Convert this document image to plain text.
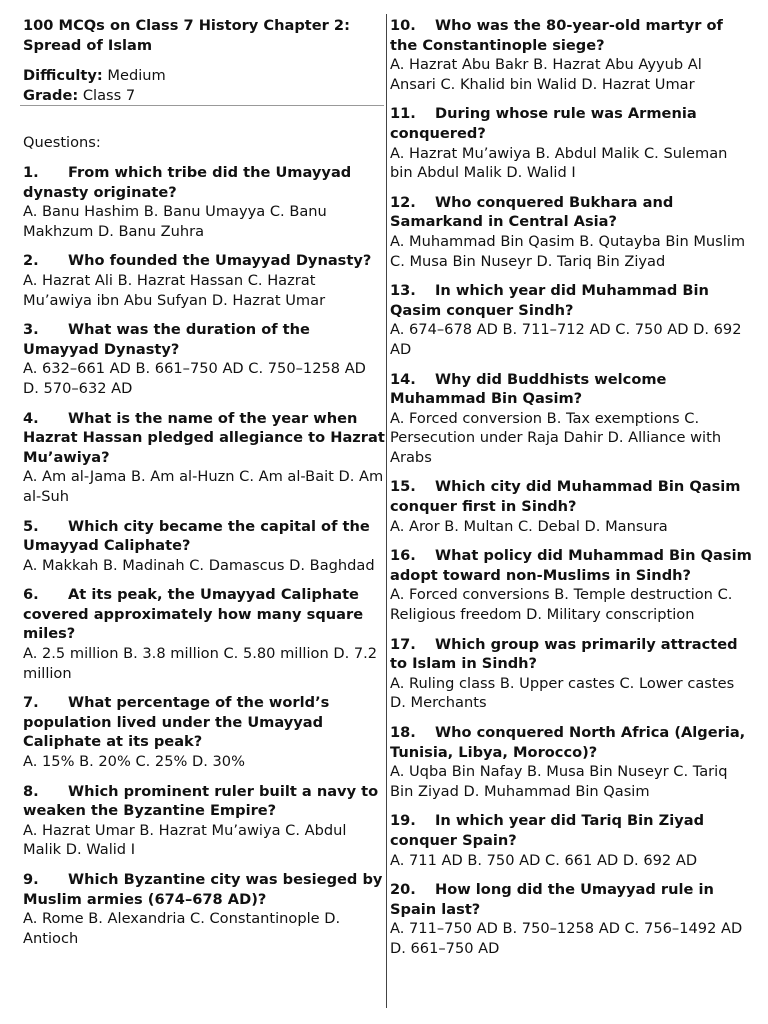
100 MCQs on Class 7 History Chapter 2: Spread of Islam
Difficulty: Medium
Grade: Class 7
Questions:
1. From which tribe did the Umayyad dynasty originate?
A. Banu Hashim B. Banu Umayya C. Banu Makhzum D. Banu Zuhra
2. Who founded the Umayyad Dynasty?
A. Hazrat Ali B. Hazrat Hassan C. Hazrat Mu’awiya ibn Abu Sufyan D. Hazrat Umar
3. What was the duration of the Umayyad Dynasty?
A. 632–661 AD B. 661–750 AD C. 750–1258 AD D. 570–632 AD
4. What is the name of the year when Hazrat Hassan pledged allegiance to Hazrat Mu’awiya?
A. Am al-Jama B. Am al-Huzn C. Am al-Bait D. Am al-Suh
5. Which city became the capital of the Umayyad Caliphate?
A. Makkah B. Madinah C. Damascus D. Baghdad
6. At its peak, the Umayyad Caliphate covered approximately how many square miles?
A. 2.5 million B. 3.8 million C. 5.80 million D. 7.2 million
7. What percentage of the world’s population lived under the Umayyad Caliphate at its peak?
A. 15% B. 20% C. 25% D. 30%
8. Which prominent ruler built a navy to weaken the Byzantine Empire?
A. Hazrat Umar B. Hazrat Mu’awiya C. Abdul Malik D. Walid I
9. Which Byzantine city was besieged by Muslim armies (674–678 AD)?
A. Rome B. Alexandria C. Constantinople D. Antioch
10. Who was the 80-year-old martyr of the Constantinople siege?
A. Hazrat Abu Bakr B. Hazrat Abu Ayyub Al Ansari C. Khalid bin Walid D. Hazrat Umar
11. During whose rule was Armenia conquered?
A. Hazrat Mu’awiya B. Abdul Malik C. Suleman bin Abdul Malik D. Walid I
12. Who conquered Bukhara and Samarkand in Central Asia?
A. Muhammad Bin Qasim B. Qutayba Bin Muslim C. Musa Bin Nuseyr D. Tariq Bin Ziyad
13. In which year did Muhammad Bin Qasim conquer Sindh?
A. 674–678 AD B. 711–712 AD C. 750 AD D. 692 AD
14. Why did Buddhists welcome Muhammad Bin Qasim?
A. Forced conversion B. Tax exemptions C. Persecution under Raja Dahir D. Alliance with Arabs
15. Which city did Muhammad Bin Qasim conquer first in Sindh?
A. Aror B. Multan C. Debal D. Mansura
16. What policy did Muhammad Bin Qasim adopt toward non-Muslims in Sindh?
A. Forced conversions B. Temple destruction C. Religious freedom D. Military conscription
17. Which group was primarily attracted to Islam in Sindh?
A. Ruling class B. Upper castes C. Lower castes D. Merchants
18. Who conquered North Africa (Algeria, Tunisia, Libya, Morocco)?
A. Uqba Bin Nafay B. Musa Bin Nuseyr C. Tariq Bin Ziyad D. Muhammad Bin Qasim
19. In which year did Tariq Bin Ziyad conquer Spain?
A. 711 AD B. 750 AD C. 661 AD D. 692 AD
20. How long did the Umayyad rule in Spain last?
A. 711–750 AD B. 750–1258 AD C. 756–1492 AD D. 661–750 AD
